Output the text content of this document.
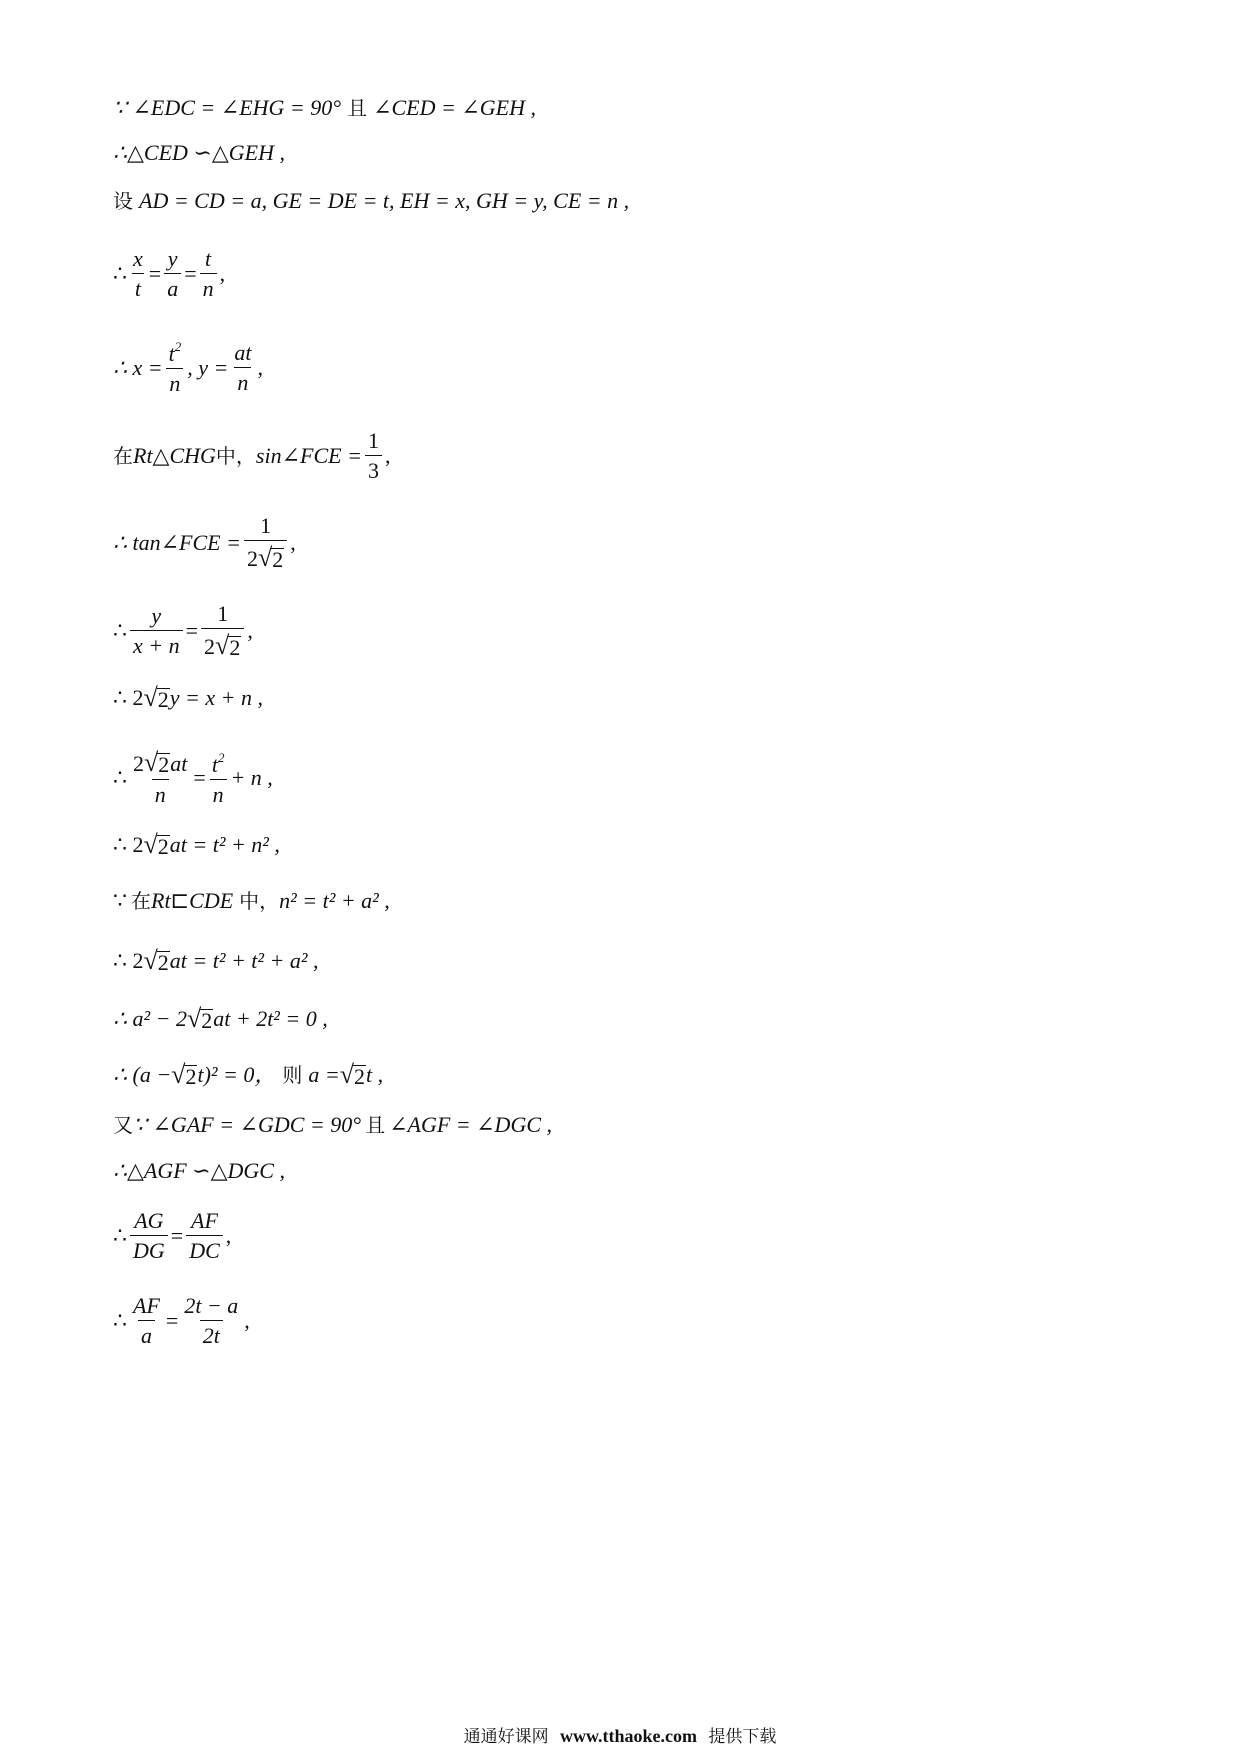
∵ ∠EDC = ∠EHG = 90° 且 ∠CED = ∠GEH ,
∴△CED ∽△GEH ,
设 AD = CD = a, GE = DE = t, EH = x, GH = y, CE = n ,
∴ $\frac{x}{t} = \frac{y}{a} = \frac{t}{n}$ ,
∴ $x = \frac{t^2}{n}$ , $y = \frac{at}{n}$ ,
在 Rt△CHG 中， sin∠FCE = $\frac{1}{3}$ ,
∴ tan∠FCE = $\frac{1}{2 √ 2}$ ,
∴ $\frac{y}{x + n} = \frac{1}{2 √ 2}$ ,
∴ 2 √ 2 y = x + n ,
∴ $\frac{2 √ 2 at}{n} = \frac{t^2}{n} + n$ ,
∴ 2 √ 2 at = t² + n² ,
∵ 在 Rt⊏CDE 中， n² = t² + a² ,
∴ 2 √ 2 at = t² + t² + a² ,
∴ a² − 2 √ 2 at + 2t² = 0 ,
∴ (a − √ 2 t)² = 0， 则 a = √ 2 t ,
又 ∵ ∠GAF = ∠GDC = 90° 且 ∠AGF = ∠DGC ,
∴△AGF ∽△DGC ,
∴ $\frac{AG}{DG} = \frac{AF}{DC}$ ,
∴ $\frac{AF}{a} = \frac{2t - a}{2t}$ ,
通通好课网 www.tthaoke.com 提供下载
